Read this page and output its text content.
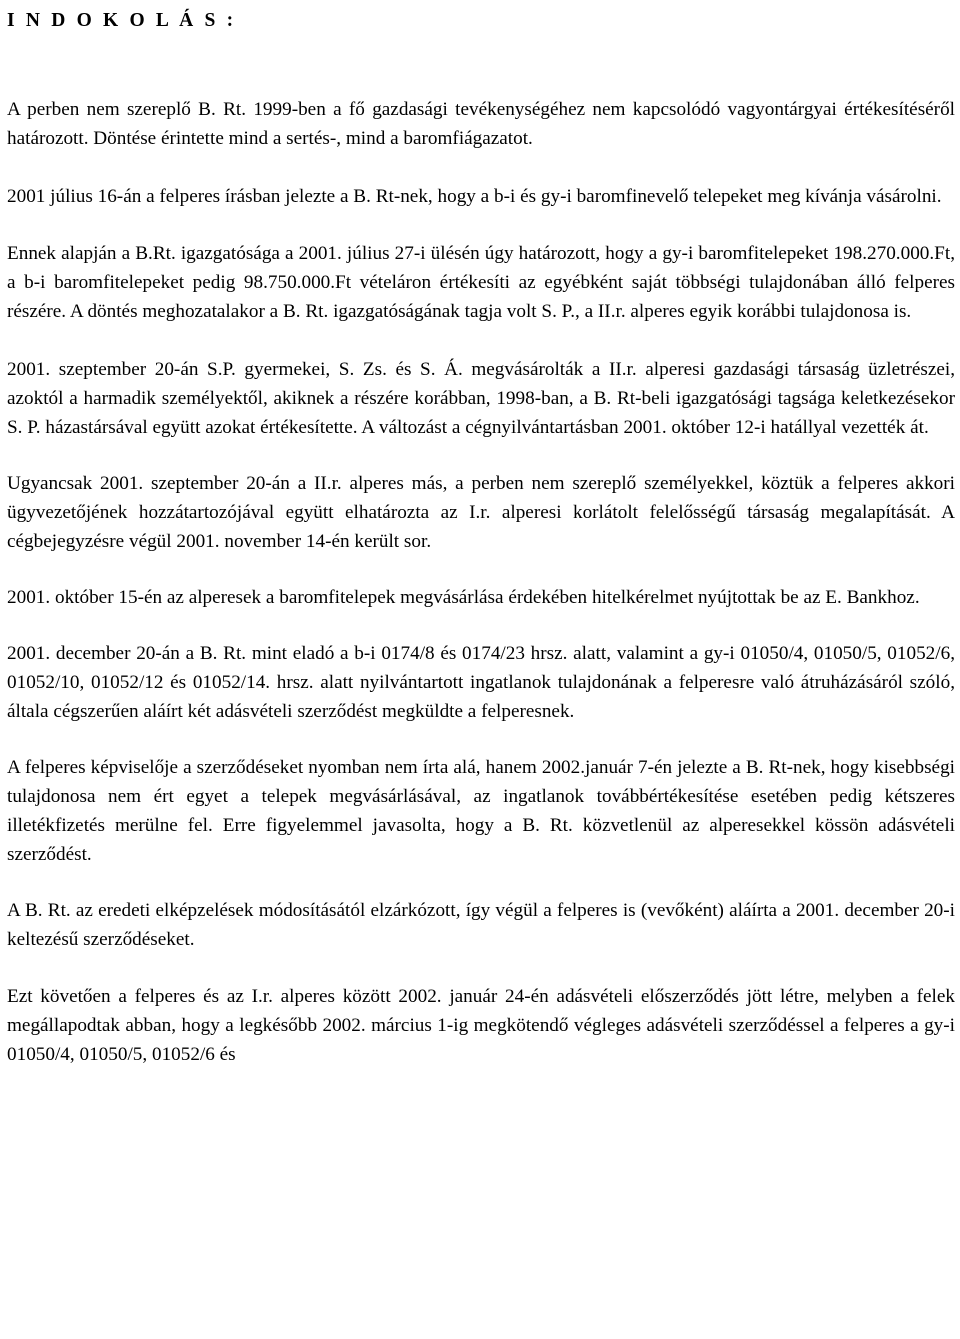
I N D O K O L Á S :

A perben nem szereplő B. Rt. 1999-ben a fő gazdasági tevékenységéhez nem kapcsolódó vagyontárgyai értékesítéséről határozott. Döntése érintette mind a sertés-, mind a baromfiágazatot.

2001 július 16-án a felperes írásban jelezte a B. Rt-nek, hogy a b-i és gy-i baromfinevelő telepeket meg kívánja vásárolni.

Ennek alapján a B.Rt. igazgatósága a 2001. július 27-i ülésén úgy határozott, hogy a gy-i baromfitelepeket 198.270.000.Ft, a b-i baromfitelepeket pedig 98.750.000.Ft vételáron értékesíti az egyébként saját többségi tulajdonában álló felperes részére. A döntés meghozatalakor a B. Rt. igazgatóságának tagja volt S. P., a II.r. alperes egyik korábbi tulajdonosa is.

2001. szeptember 20-án S.P. gyermekei, S. Zs. és S. Á. megvásárolták a II.r. alperesi gazdasági társaság üzletrészei, azoktól a harmadik személyektől, akiknek a részére korábban, 1998-ban, a B. Rt-beli igazgatósági tagsága keletkezésekor S. P. házastársával együtt azokat értékesítette. A változást a cégnyilvántartásban 2001. október 12-i hatállyal vezették át.

Ugyancsak 2001. szeptember 20-án a II.r. alperes más, a perben nem szereplő személyekkel, köztük a felperes akkori ügyvezetőjének hozzátartozójával együtt elhatározta az I.r. alperesi korlátolt felelősségű társaság megalapítását. A cégbejegyzésre végül 2001. november 14-én került sor.

2001. október 15-én az alperesek a baromfitelepek megvásárlása érdekében hitelkérelmet nyújtottak be az E. Bankhoz.

2001. december 20-án a B. Rt. mint eladó a b-i 0174/8 és 0174/23 hrsz. alatt, valamint a gy-i 01050/4, 01050/5, 01052/6, 01052/10, 01052/12 és 01052/14. hrsz. alatt nyilvántartott ingatlanok tulajdonának a felperesre való átruházásáról szóló, általa cégszerűen aláírt két adásvételi szerződést megküldte a felperesnek.

A felperes képviselője a szerződéseket nyomban nem írta alá, hanem 2002.január 7-én jelezte a B. Rt-nek, hogy kisebbségi tulajdonosa nem ért egyet a telepek megvásárlásával, az ingatlanok továbbértékesítése esetében pedig kétszeres illetékfizetés merülne fel. Erre figyelemmel javasolta, hogy a B. Rt. közvetlenül az alperesekkel kössön adásvételi szerződést.

A B. Rt. az eredeti elképzelések módosításától elzárkózott, így végül a felperes is (vevőként) aláírta a 2001. december 20-i keltezésű szerződéseket.

Ezt követően a felperes és az I.r. alperes között 2002. január 24-én adásvételi előszerződés jött létre, melyben a felek megállapodtak abban, hogy a legkésőbb 2002. március 1-ig megkötendő végleges adásvételi szerződéssel a felperes a gy-i 01050/4, 01050/5, 01052/6 és
